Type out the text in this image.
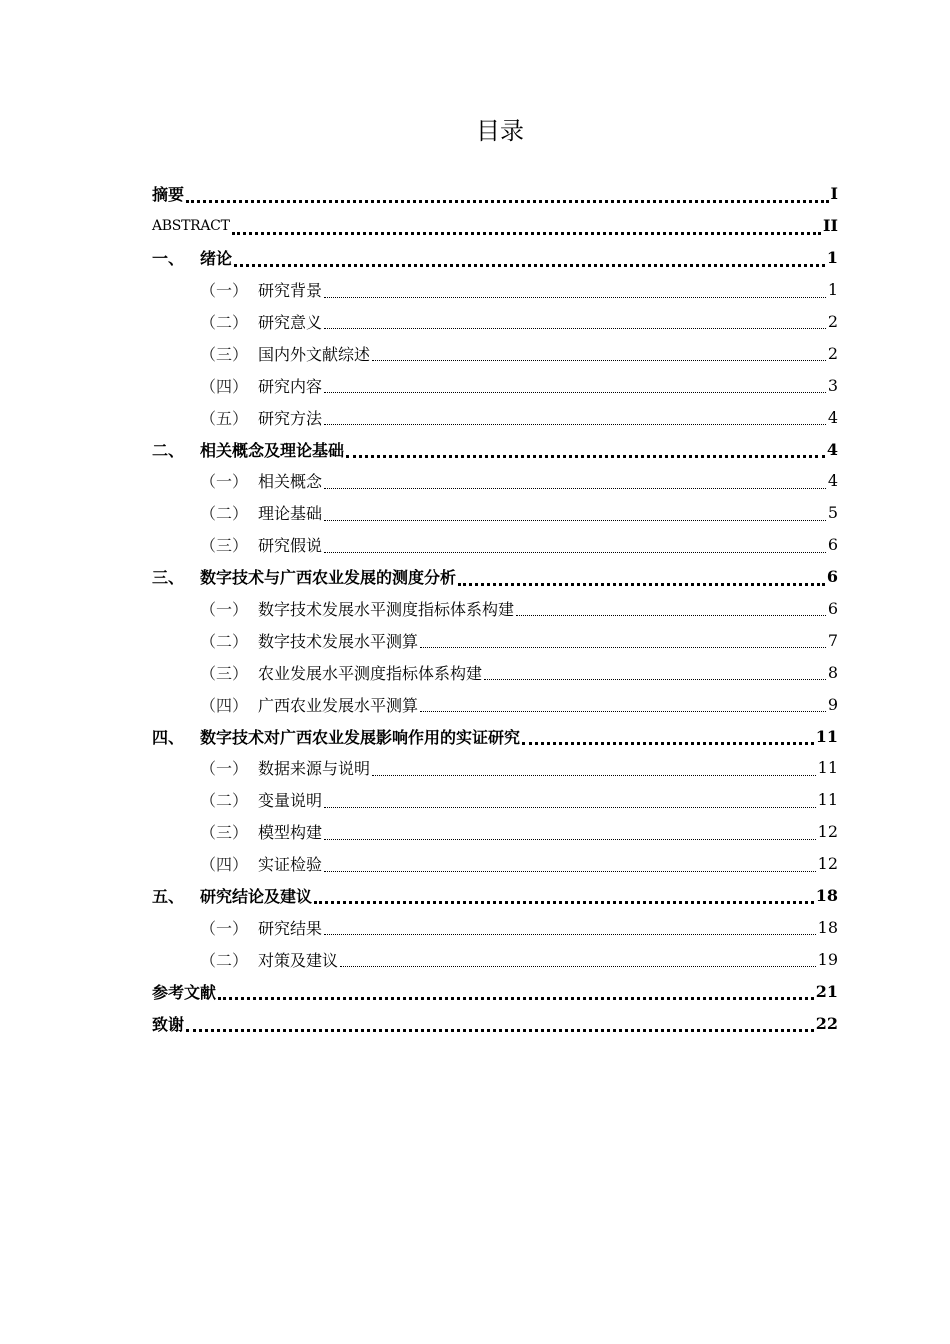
目录
摘要	I
ABSTRACT	II
一、 绪论	1
（一） 研究背景	1
（二） 研究意义	2
（三） 国内外文献综述	2
（四） 研究内容	3
（五） 研究方法	4
二、 相关概念及理论基础	4
（一） 相关概念	4
（二） 理论基础	5
（三） 研究假说	6
三、 数字技术与广西农业发展的测度分析	6
（一） 数字技术发展水平测度指标体系构建	6
（二） 数字技术发展水平测算	7
（三） 农业发展水平测度指标体系构建	8
（四） 广西农业发展水平测算	9
四、 数字技术对广西农业发展影响作用的实证研究	11
（一） 数据来源与说明	11
（二） 变量说明	11
（三） 模型构建	12
（四） 实证检验	12
五、 研究结论及建议	18
（一） 研究结果	18
（二） 对策及建议	19
参考文献	21
致谢	22
